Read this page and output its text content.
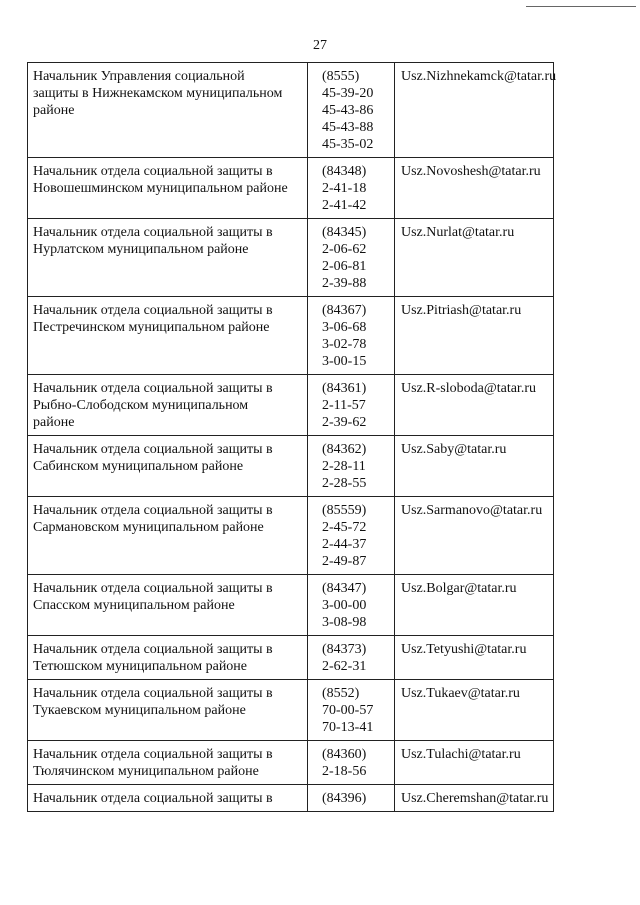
27
Начальник Управления социальной
защиты в Нижнекамском муниципальном
районе	(8555)
45-39-20
45-43-86
45-43-88
45-35-02	Usz.Nizhnekamck@tatar.ru

Начальник отдела социальной защиты в
Новошешминском муниципальном районе	(84348)
2-41-18
2-41-42	Usz.Novoshesh@tatar.ru

Начальник отдела социальной защиты в
Нурлатском муниципальном районе	(84345)
2-06-62
2-06-81
2-39-88	Usz.Nurlat@tatar.ru

Начальник отдела социальной защиты в
Пестречинском муниципальном районе	(84367)
3-06-68
3-02-78
3-00-15	Usz.Pitriash@tatar.ru

Начальник отдела социальной защиты в
Рыбно-Слободском муниципальном
районе	(84361)
2-11-57
2-39-62	Usz.R-sloboda@tatar.ru

Начальник отдела социальной защиты в
Сабинском муниципальном районе	(84362)
2-28-11
2-28-55	Usz.Saby@tatar.ru

Начальник отдела социальной защиты в
Сармановском муниципальном районе	(85559)
2-45-72
2-44-37
2-49-87	Usz.Sarmanovo@tatar.ru

Начальник отдела социальной защиты в
Спасском муниципальном районе	(84347)
3-00-00
3-08-98	Usz.Bolgar@tatar.ru

Начальник отдела социальной защиты в
Тетюшском муниципальном районе	(84373)
2-62-31	Usz.Tetyushi@tatar.ru

Начальник отдела социальной защиты в
Тукаевском муниципальном районе	(8552)
70-00-57
70-13-41	Usz.Tukaev@tatar.ru

Начальник отдела социальной защиты в
Тюлячинском муниципальном районе	(84360)
2-18-56	Usz.Tulachi@tatar.ru

Начальник отдела социальной защиты в	(84396)	Usz.Cheremshan@tatar.ru
